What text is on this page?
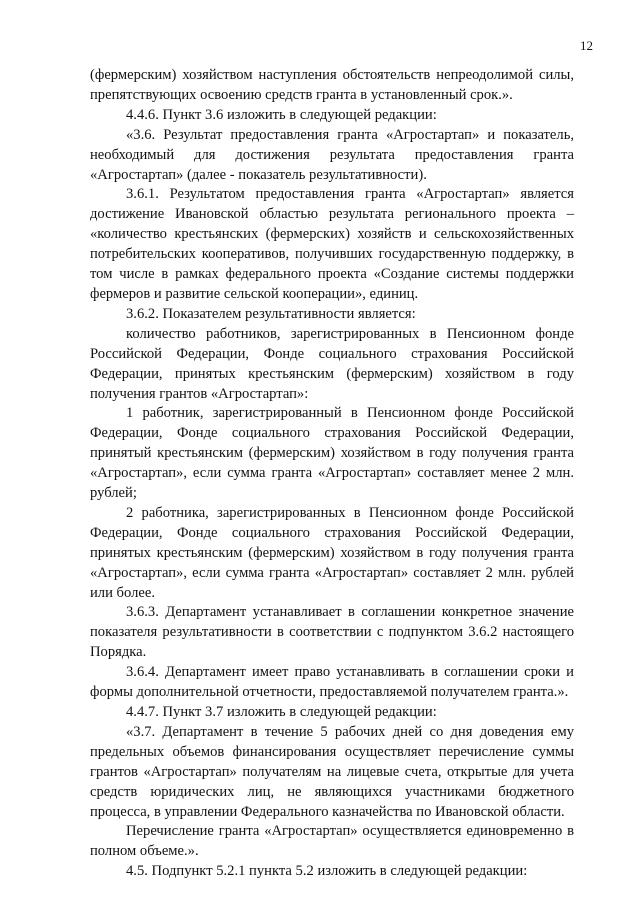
12

(фермерским) хозяйством наступления обстоятельств непреодолимой силы, препятствующих освоению средств гранта в установленный срок.».

4.4.6. Пункт 3.6 изложить в следующей редакции:

«3.6. Результат предоставления гранта «Агростартап» и показатель, необходимый для достижения результата предоставления гранта «Агростартап» (далее - показатель результативности).

3.6.1. Результатом предоставления гранта «Агростартап» является достижение Ивановской областью результата регионального проекта – «количество крестьянских (фермерских) хозяйств и сельскохозяйственных потребительских кооперативов, получивших государственную поддержку, в том числе в рамках федерального проекта «Создание системы поддержки фермеров и развитие сельской кооперации», единиц.

3.6.2. Показателем результативности является:

количество работников, зарегистрированных в Пенсионном фонде Российской Федерации, Фонде социального страхования Российской Федерации, принятых крестьянским (фермерским) хозяйством в году получения грантов «Агростартап»:

1 работник, зарегистрированный в Пенсионном фонде Российской Федерации, Фонде социального страхования Российской Федерации, принятый крестьянским (фермерским) хозяйством в году получения гранта «Агростартап», если сумма гранта «Агростартап» составляет менее 2 млн. рублей;

2 работника, зарегистрированных в Пенсионном фонде Российской Федерации, Фонде социального страхования Российской Федерации, принятых крестьянским (фермерским) хозяйством в году получения гранта «Агростартап», если сумма гранта «Агростартап» составляет 2 млн. рублей или более.

3.6.3. Департамент устанавливает в соглашении конкретное значение показателя результативности в соответствии с подпунктом 3.6.2 настоящего Порядка.

3.6.4. Департамент имеет право устанавливать в соглашении сроки и формы дополнительной отчетности, предоставляемой получателем гранта.».

4.4.7. Пункт 3.7 изложить в следующей редакции:

«3.7. Департамент в течение 5 рабочих дней со дня доведения ему предельных объемов финансирования осуществляет перечисление суммы грантов «Агростартап» получателям на лицевые счета, открытые для учета средств юридических лиц, не являющихся участниками бюджетного процесса, в управлении Федерального казначейства по Ивановской области.

Перечисление гранта «Агростартап» осуществляется единовременно в полном объеме.».

4.5. Подпункт 5.2.1 пункта 5.2 изложить в следующей редакции:
